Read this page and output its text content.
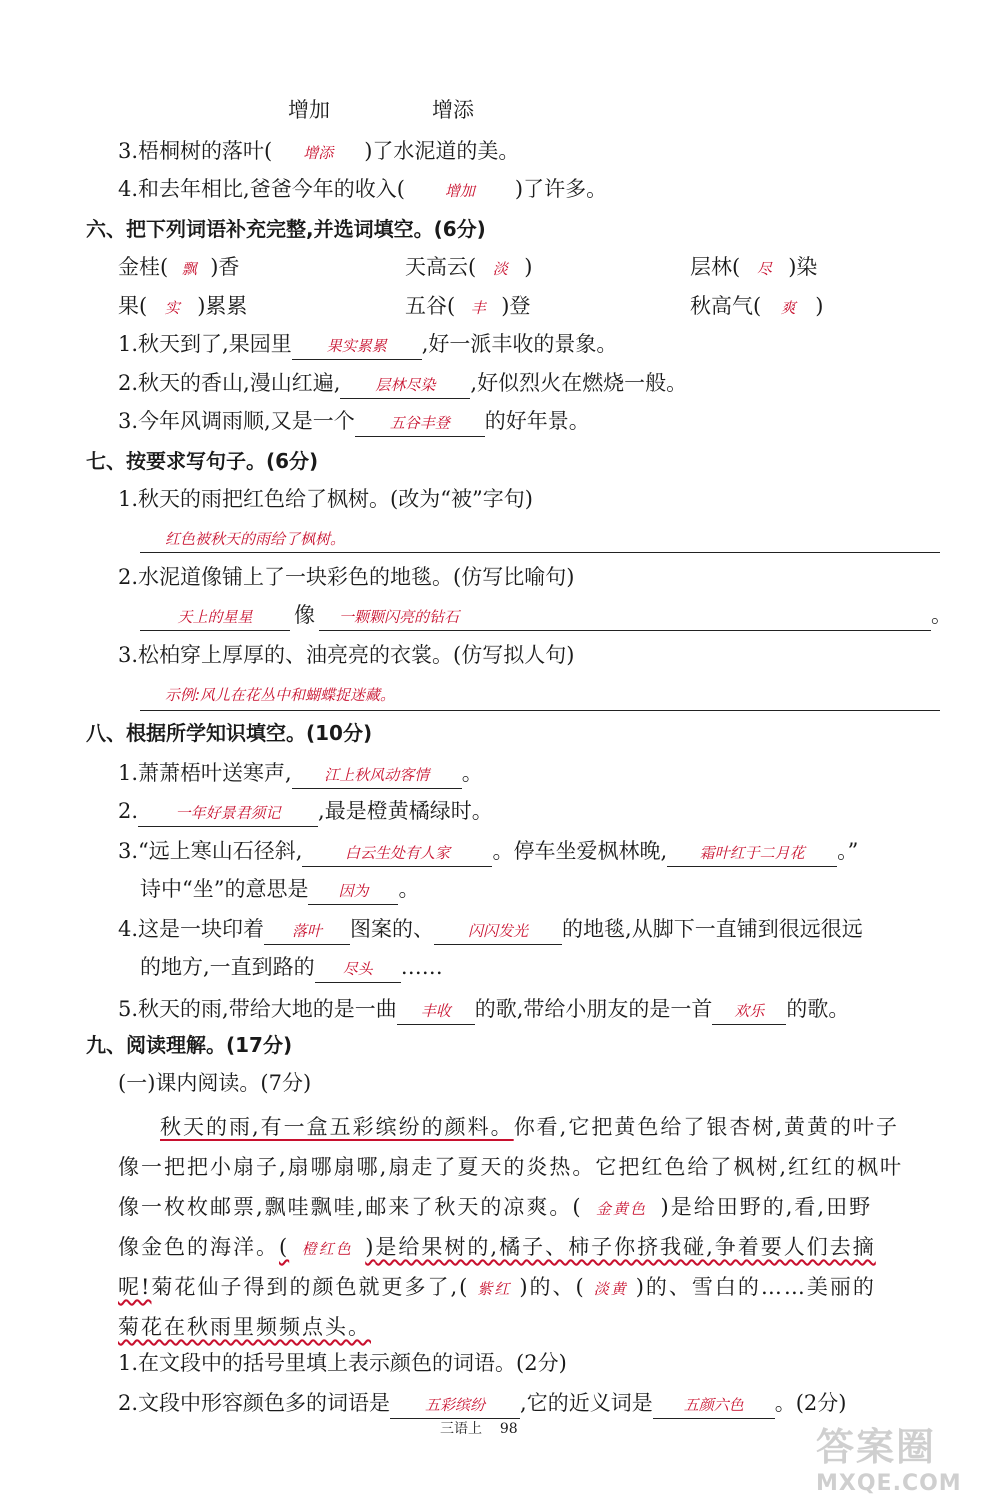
增加	增添
3.梧桐树的落叶( 增添 )了水泥道的美。
4.和去年相比,爸爸今年的收入(	增加 )了许多。
六、把下列词语补充完整,并选词填空。(6分)
金桂( 飘 )香	天高云( 淡 )	层林( 尽 )染
果( 实 )累累	五谷( 丰 )登	秋高气( 爽 )
1.秋天到了,果园里 果实累累 ,好一派丰收的景象。
2.秋天的香山,漫山红遍, 层林尽染 ,好似烈火在燃烧一般。
3.今年风调雨顺,又是一个 五谷丰登 的好年景。
七、按要求写句子。(6分)
1.秋天的雨把红色给了枫树。(改为“被”字句)
红色被秋天的雨给了枫树。
2.水泥道像铺上了一块彩色的地毯。(仿写比喻句)
天上的星星 像 一颗颗闪亮的钻石	。
3.松柏穿上厚厚的、油亮亮的衣裳。(仿写拟人句)
示例:风儿在花丛中和蝴蝶捉迷藏。
八、根据所学知识填空。(10分)
1.萧萧梧叶送寒声, 江上秋风动客情 。
2. 一年好景君须记 ,最是橙黄橘绿时。
3.“远上寒山石径斜,	白云生处有人家 。停车坐爱枫林晚, 霜叶红于二月花 。”
诗中“坐”的意思是 因为 。
4.这是一块印着 落叶 图案的、 闪闪发光 的地毯,从脚下一直铺到很远很远
的地方,一直到路的 尽头 ……
5.秋天的雨,带给大地的是一曲 丰收 的歌,带给小朋友的是一首 欢乐 的歌。
九、阅读理解。(17分)
(一)课内阅读。(7分)
秋天的雨,有一盒五彩缤纷的颜料。你看,它把黄色给了银杏树,黄黄的叶子
像一把把小扇子,扇哪扇哪,扇走了夏天的炎热。它把红色给了枫树,红红的枫叶
像一枚枚邮票,飘哇飘哇,邮来了秋天的凉爽。( 金黄色 )是给田野的,看,田野
像金色的海洋。( 橙红色 )是给果树的,橘子、柿子你挤我碰,争着要人们去摘
呢!菊花仙子得到的颜色就更多了,( 紫红 )的、( 淡黄 )的、雪白的……美丽的
菊花在秋雨里频频点头。
1.在文段中的括号里填上表示颜色的词语。(2分)
2.文段中形容颜色多的词语是 五彩缤纷 ,它的近义词是 五颜六色 。(2分)
三语上 98	答案圈
MXQE.COM
